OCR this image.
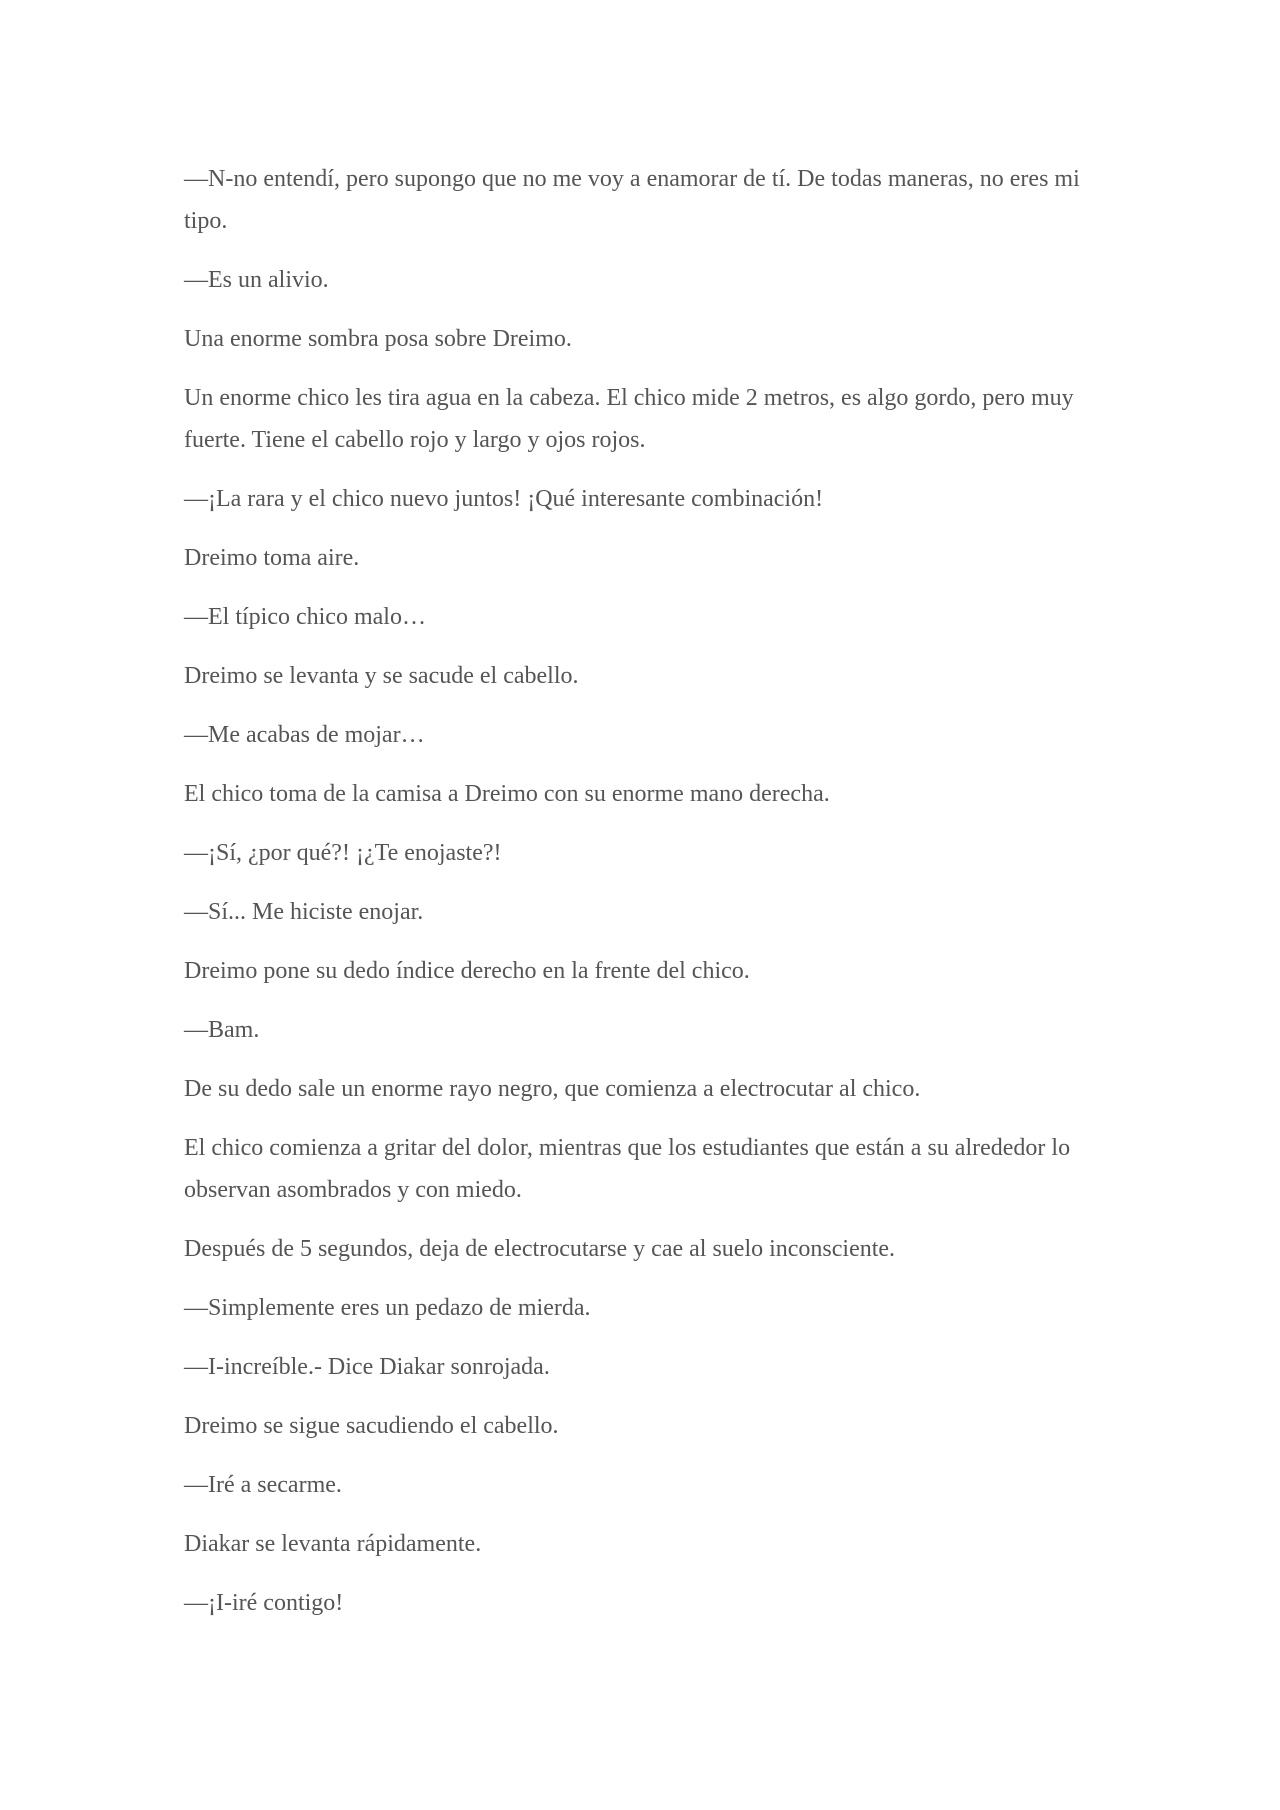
—N-no entendí, pero supongo que no me voy a enamorar de tí. De todas maneras, no eres mi tipo.

—Es un alivio.

Una enorme sombra posa sobre Dreimo.

Un enorme chico les tira agua en la cabeza. El chico mide 2 metros, es algo gordo, pero muy fuerte. Tiene el cabello rojo y largo y ojos rojos.

—¡La rara y el chico nuevo juntos! ¡Qué interesante combinación!

Dreimo toma aire.

—El típico chico malo…

Dreimo se levanta y se sacude el cabello.

—Me acabas de mojar…

El chico toma de la camisa a Dreimo con su enorme mano derecha.

—¡Sí, ¿por qué?! ¡¿Te enojaste?!

—Sí... Me hiciste enojar.

Dreimo pone su dedo índice derecho en la frente del chico.

—Bam.

De su dedo sale un enorme rayo negro, que comienza a electrocutar al chico.

El chico comienza a gritar del dolor, mientras que los estudiantes que están a su alrededor lo observan asombrados y con miedo.

Después de 5 segundos, deja de electrocutarse y cae al suelo inconsciente.

—Simplemente eres un pedazo de mierda.

—I-increíble.- Dice Diakar sonrojada.

Dreimo se sigue sacudiendo el cabello.

—Iré a secarme.

Diakar se levanta rápidamente.

—¡I-iré contigo!
